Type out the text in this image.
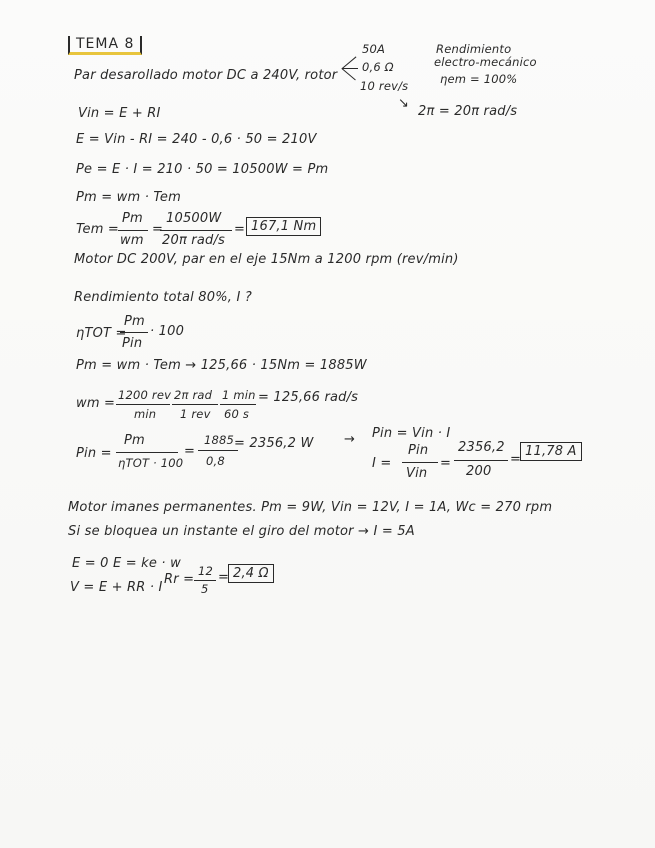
TEMA 8
Par desarollado motor DC a 240V, rotor
50A
0,6 Ω
10 rev/s
Rendimiento
electro-mecánico
ηem = 100%
↘
2π = 20π rad/s
Vin = E + RI
E = Vin - RI = 240 - 0,6 · 50 = 210V
Pe = E · I = 210 · 50 = 10500W = Pm
Pm = wm · Tem
Tem =
Pm
wm
=
10500W
20π rad/s
= 167,1 Nm
Motor DC 200V, par en el eje 15Nm a 1200 rpm (rev/min)
Rendimiento total 80%, I ?
ηTOT =
Pm
Pin
· 100
Pm = wm · Tem → 125,66 · 15Nm = 1885W
wm =
1200 rev
min
2π rad
1 rev
1 min
60 s
= 125,66 rad/s
Pin =
Pm
ηTOT · 100
=
1885
0,8
= 2356,2 W → Pin = Vin · I
I =
Pin
Vin
=
2356,2
200
=
11,78 A
Motor imanes permanentes. Pm = 9W, Vin = 12V, I = 1A, Wc = 270 rpm
Si se bloquea un instante el giro del motor → I = 5A
E = 0 E = ke · w
V = E + RR · I
Rr =
12
5
= 2,4 Ω
